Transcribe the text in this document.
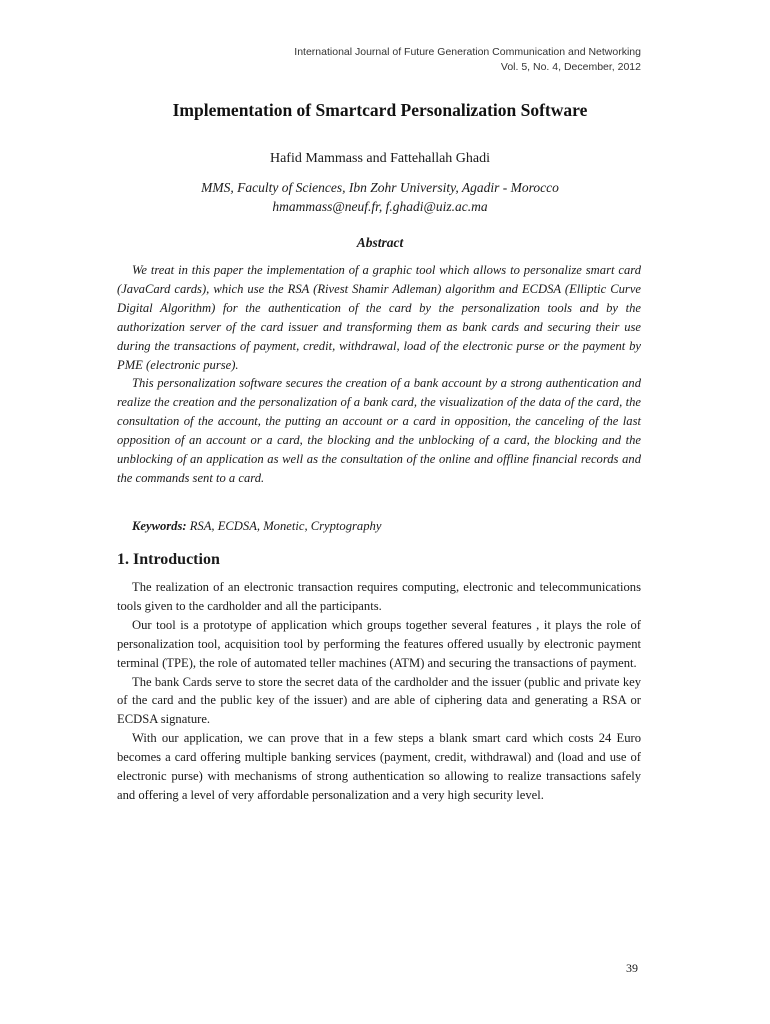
International Journal of Future Generation Communication and Networking
Vol. 5, No. 4, December, 2012
Implementation of Smartcard Personalization Software
Hafid Mammass and Fattehallah Ghadi
MMS, Faculty of Sciences, Ibn Zohr University, Agadir - Morocco
hmammass@neuf.fr, f.ghadi@uiz.ac.ma
Abstract

We treat in this paper the implementation of a graphic tool which allows to personalize smart card (JavaCard cards), which use the RSA (Rivest Shamir Adleman) algorithm and ECDSA (Elliptic Curve Digital Algorithm) for the authentication of the card by the personalization tools and by the authorization server of the card issuer and transforming them as bank cards and securing their use during the transactions of payment, credit, withdrawal, load of the electronic purse or the payment by PME (electronic purse).

This personalization software secures the creation of a bank account by a strong authentication and realize the creation and the personalization of a bank card, the visualization of the data of the card, the consultation of the account, the putting an account or a card in opposition, the canceling of the last opposition of an account or a card, the blocking and the unblocking of a card, the blocking and the unblocking of an application as well as the consultation of the online and offline financial records and the commands sent to a card.

Keywords: RSA, ECDSA, Monetic, Cryptography
1. Introduction

The realization of an electronic transaction requires computing, electronic and telecommunications tools given to the cardholder and all the participants.

Our tool is a prototype of application which groups together several features , it plays the role of personalization tool, acquisition tool by performing the features offered usually by electronic payment terminal (TPE), the role of automated teller machines (ATM) and securing the transactions of payment.

The bank Cards serve to store the secret data of the cardholder and the issuer (public and private key of the card and the public key of the issuer) and are able of ciphering data and generating a RSA or ECDSA signature.

With our application, we can prove that in a few steps a blank smart card which costs 24 Euro becomes a card offering multiple banking services (payment, credit, withdrawal) and (load and use of electronic purse) with mechanisms of strong authentication so allowing to realize transactions safely and offering a level of very affordable personalization and a very high security level.

39
